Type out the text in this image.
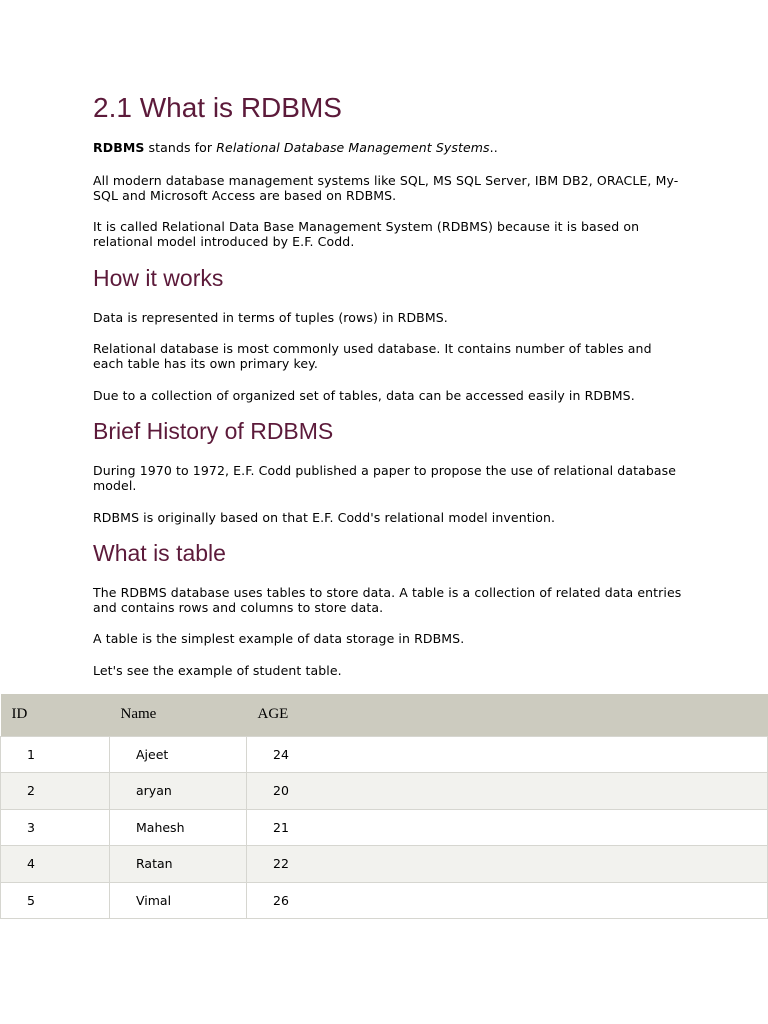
2.1 What is RDBMS

RDBMS stands for Relational Database Management Systems..

All modern database management systems like SQL, MS SQL Server, IBM DB2, ORACLE, My-SQL and Microsoft Access are based on RDBMS.

It is called Relational Data Base Management System (RDBMS) because it is based on relational model introduced by E.F. Codd.

How it works

Data is represented in terms of tuples (rows) in RDBMS.

Relational database is most commonly used database. It contains number of tables and each table has its own primary key.

Due to a collection of organized set of tables, data can be accessed easily in RDBMS.

Brief History of RDBMS

During 1970 to 1972, E.F. Codd published a paper to propose the use of relational database model.

RDBMS is originally based on that E.F. Codd's relational model invention.

What is table

The RDBMS database uses tables to store data. A table is a collection of related data entries and contains rows and columns to store data.

A table is the simplest example of data storage in RDBMS.

Let's see the example of student table.

ID	Name	AGE
1	Ajeet	24
2	aryan	20
3	Mahesh	21
4	Ratan	22
5	Vimal	26
